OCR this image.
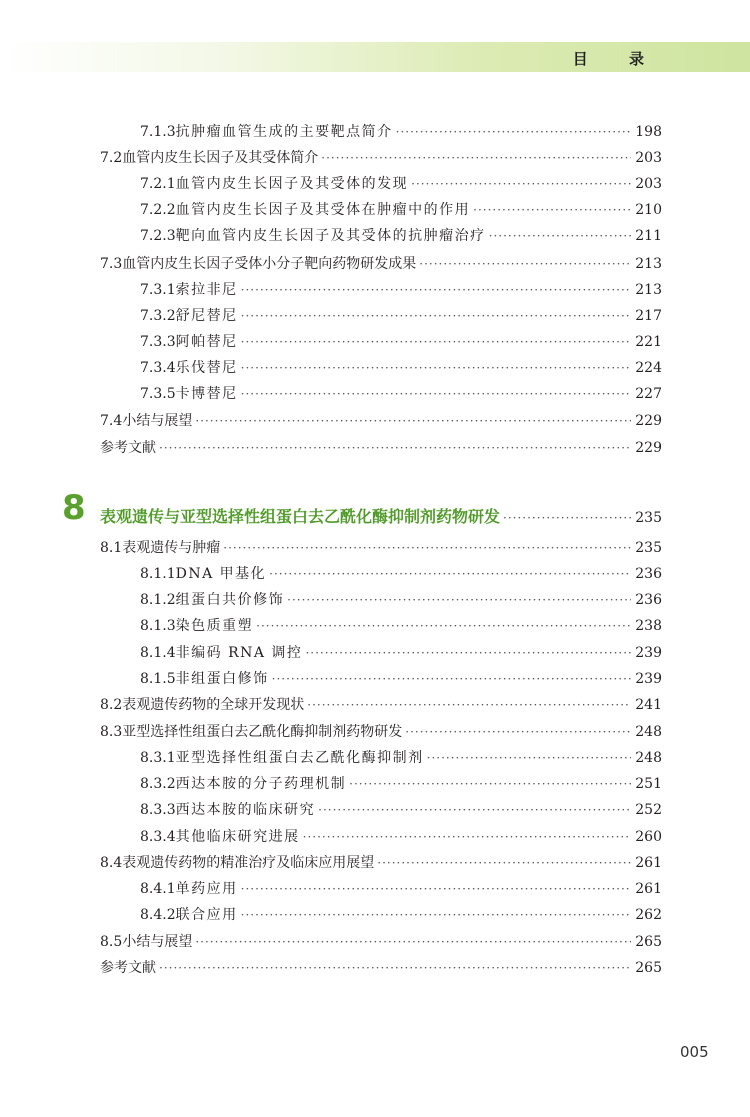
目 录
7.1.3 抗肿瘤血管生成的主要靶点简介 ·····	198
7.2 血管内皮生长因子及其受体简介 ·····	203
7.2.1 血管内皮生长因子及其受体的发现 ·····	203
7.2.2 血管内皮生长因子及其受体在肿瘤中的作用 ·····	210
7.2.3 靶向血管内皮生长因子及其受体的抗肿瘤治疗 ·····	211
7.3 血管内皮生长因子受体小分子靶向药物研发成果 ·····	213
7.3.1 索拉非尼 ·····	213
7.3.2 舒尼替尼 ·····	217
7.3.3 阿帕替尼 ·····	221
7.3.4 乐伐替尼 ·····	224
7.3.5 卡博替尼 ·····	227
7.4 小结与展望 ·····	229
参考文献 ·····	229
8 表观遗传与亚型选择性组蛋白去乙酰化酶抑制剂药物研发 ·····	235
8.1 表观遗传与肿瘤 ·····	235
8.1.1 DNA 甲基化 ·····	236
8.1.2 组蛋白共价修饰 ·····	236
8.1.3 染色质重塑 ·····	238
8.1.4 非编码 RNA 调控 ·····	239
8.1.5 非组蛋白修饰 ·····	239
8.2 表观遗传药物的全球开发现状 ·····	241
8.3 亚型选择性组蛋白去乙酰化酶抑制剂药物研发 ·····	248
8.3.1 亚型选择性组蛋白去乙酰化酶抑制剂 ·····	248
8.3.2 西达本胺的分子药理机制 ·····	251
8.3.3 西达本胺的临床研究 ·····	252
8.3.4 其他临床研究进展 ·····	260
8.4 表观遗传药物的精准治疗及临床应用展望 ·····	261
8.4.1 单药应用 ·····	261
8.4.2 联合应用 ·····	262
8.5 小结与展望 ·····	265
参考文献 ·····	265
005
